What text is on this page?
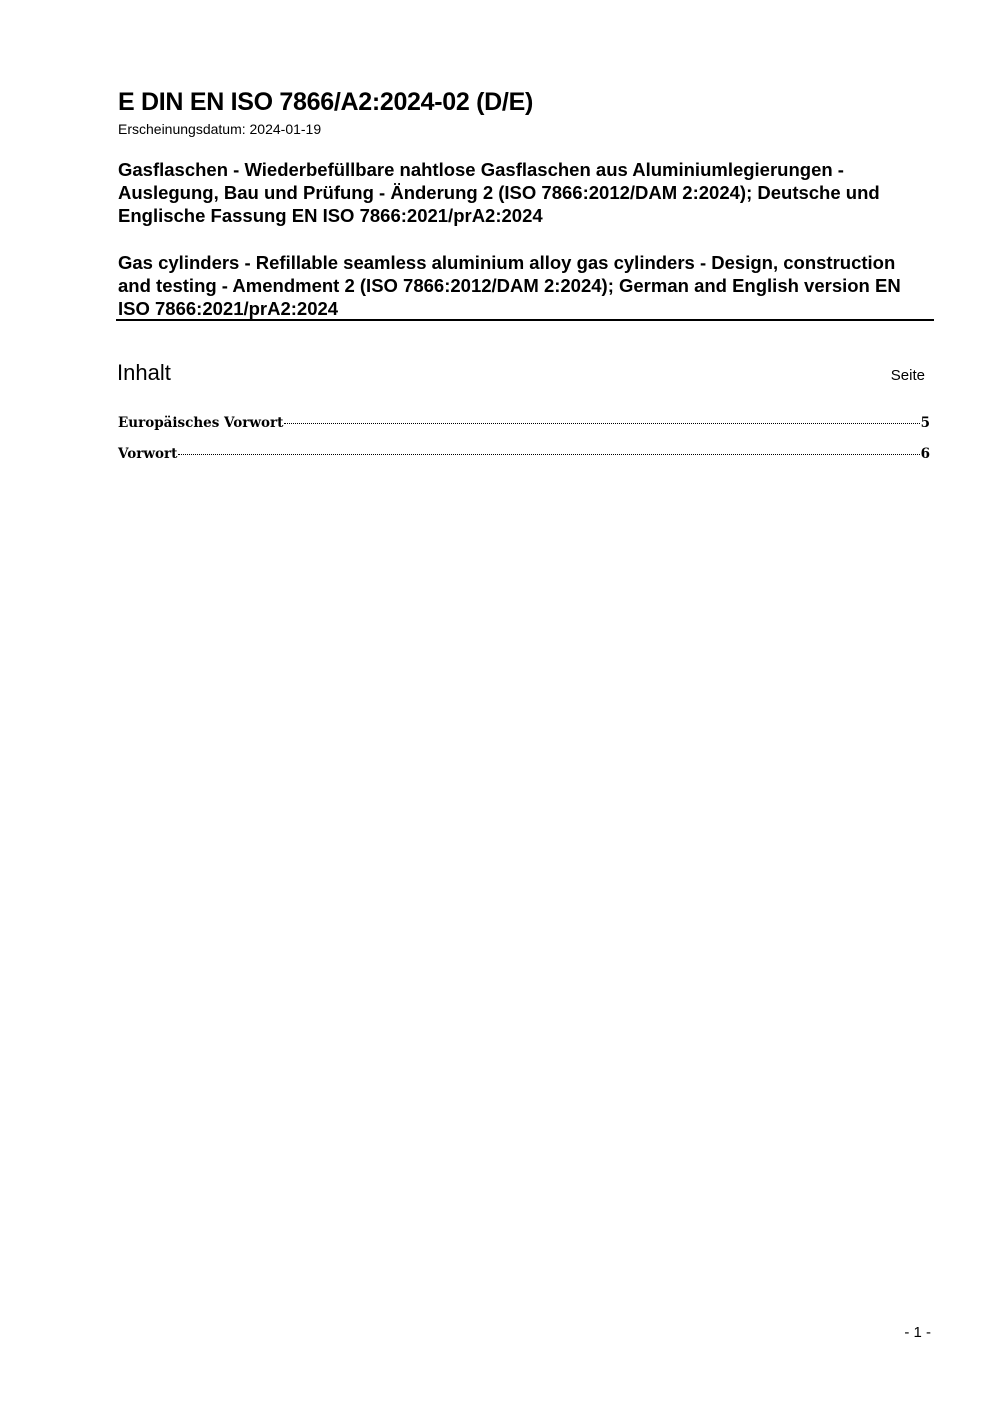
E DIN EN ISO 7866/A2:2024-02 (D/E)
Erscheinungsdatum: 2024-01-19

Gasflaschen - Wiederbefüllbare nahtlose Gasflaschen aus Aluminiumlegierungen - Auslegung, Bau und Prüfung - Änderung 2 (ISO 7866:2012/DAM 2:2024); Deutsche und Englische Fassung EN ISO 7866:2021/prA2:2024

Gas cylinders - Refillable seamless aluminium alloy gas cylinders - Design, construction and testing - Amendment 2 (ISO 7866:2012/DAM 2:2024); German and English version EN ISO 7866:2021/prA2:2024

Inhalt	Seite
Europäisches Vorwort	5
Vorwort	6
- 1 -
